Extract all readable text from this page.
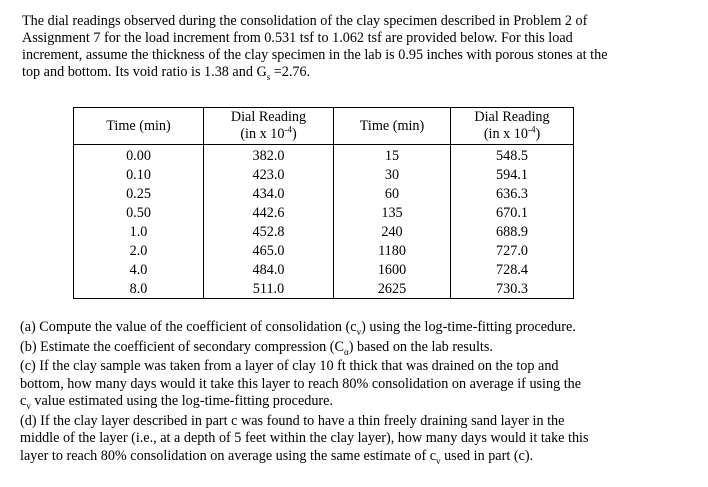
The dial readings observed during the consolidation of the clay specimen described in Problem 2 of
Assignment 7 for the load increment from 0.531 tsf to 1.062 tsf are provided below. For this load
increment, assume the thickness of the clay specimen in the lab is 0.95 inches with porous stones at the
top and bottom. Its void ratio is 1.38 and $G_s =2.76$.
Time (min)	Dial Reading
(in x $10^{-4}$)	Time (min)	Dial Reading
(in x $10^{-4}$)
0.00	382.0	15	548.5
0.10	423.0	30	594.1
0.25	434.0	60	636.3
0.50	442.6	135	670.1
1.0	452.8	240	688.9
2.0	465.0	1180	727.0
4.0	484.0	1600	728.4
8.0	511.0	2625	730.3
(a) Compute the value of the coefficient of consolidation $(c_v)$ using the log-time-fitting procedure.
(b) Estimate the coefficient of secondary compression $(C_\alpha)$ based on the lab results.
(c) If the clay sample was taken from a layer of clay 10 ft thick that was drained on the top and
bottom, how many days would it take this layer to reach 80% consolidation on average if using the
$c_v$ value estimated using the log-time-fitting procedure.
(d) If the clay layer described in part c was found to have a thin freely draining sand layer in the
middle of the layer (i.e., at a depth of 5 feet within the clay layer), how many days would it take this
layer to reach 80% consolidation on average using the same estimate of $c_v$ used in part (c).
